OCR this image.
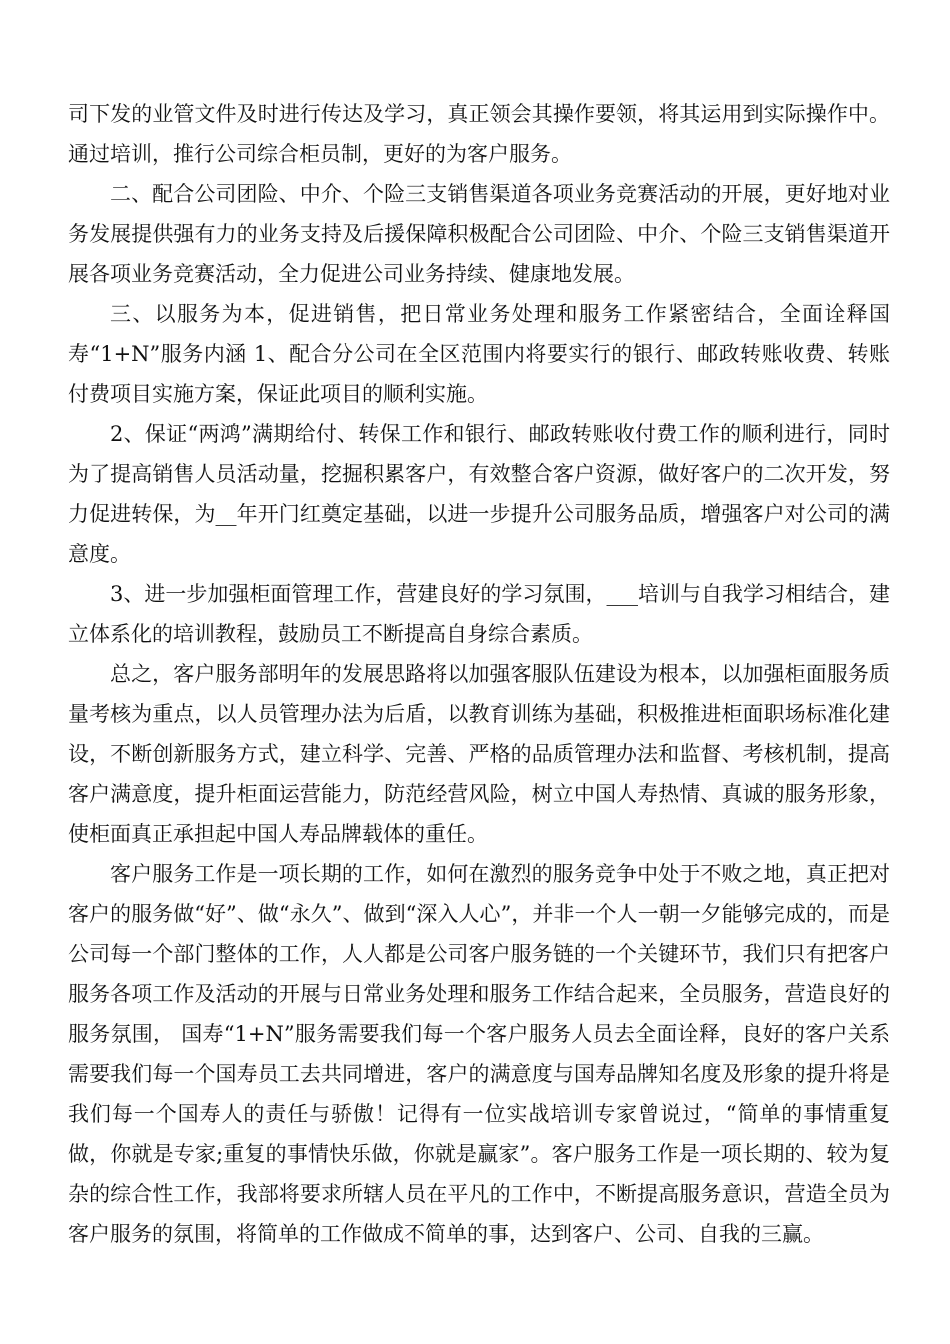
司下发的业管文件及时进行传达及学习，真正领会其操作要领，将其运用到实际操作中。通过培训，推行公司综合柜员制，更好的为客户服务。

二、配合公司团险、中介、个险三支销售渠道各项业务竞赛活动的开展，更好地对业务发展提供强有力的业务支持及后援保障积极配合公司团险、中介、个险三支销售渠道开展各项业务竞赛活动，全力促进公司业务持续、健康地发展。

三、以服务为本，促进销售，把日常业务处理和服务工作紧密结合，全面诠释国寿“1+N”服务内涵 1、配合分公司在全区范围内将要实行的银行、邮政转账收费、转账付费项目实施方案，保证此项目的顺利实施。

2、保证“两鸿”满期给付、转保工作和银行、邮政转账收付费工作的顺利进行，同时为了提高销售人员活动量，挖掘积累客户，有效整合客户资源，做好客户的二次开发，努力促进转保，为__年开门红奠定基础，以进一步提升公司服务品质，增强客户对公司的满意度。

3、进一步加强柜面管理工作，营建良好的学习氛围，___培训与自我学习相结合，建立体系化的培训教程，鼓励员工不断提高自身综合素质。

总之，客户服务部明年的发展思路将以加强客服队伍建设为根本，以加强柜面服务质量考核为重点，以人员管理办法为后盾，以教育训练为基础，积极推进柜面职场标准化建设，不断创新服务方式，建立科学、完善、严格的品质管理办法和监督、考核机制，提高客户满意度，提升柜面运营能力，防范经营风险，树立中国人寿热情、真诚的服务形象，使柜面真正承担起中国人寿品牌载体的重任。

客户服务工作是一项长期的工作，如何在激烈的服务竞争中处于不败之地，真正把对客户的服务做“好”、做“永久”、做到“深入人心”，并非一个人一朝一夕能够完成的，而是公司每一个部门整体的工作，人人都是公司客户服务链的一个关键环节，我们只有把客户服务各项工作及活动的开展与日常业务处理和服务工作结合起来，全员服务，营造良好的服务氛围， 国寿“1+N”服务需要我们每一个客户服务人员去全面诠释，良好的客户关系需要我们每一个国寿员工去共同增进，客户的满意度与国寿品牌知名度及形象的提升将是我们每一个国寿人的责任与骄傲！记得有一位实战培训专家曾说过，“简单的事情重复做，你就是专家;重复的事情快乐做，你就是赢家”。客户服务工作是一项长期的、较为复杂的综合性工作，我部将要求所辖人员在平凡的工作中，不断提高服务意识，营造全员为客户服务的氛围，将简单的工作做成不简单的事，达到客户、公司、自我的三赢。
